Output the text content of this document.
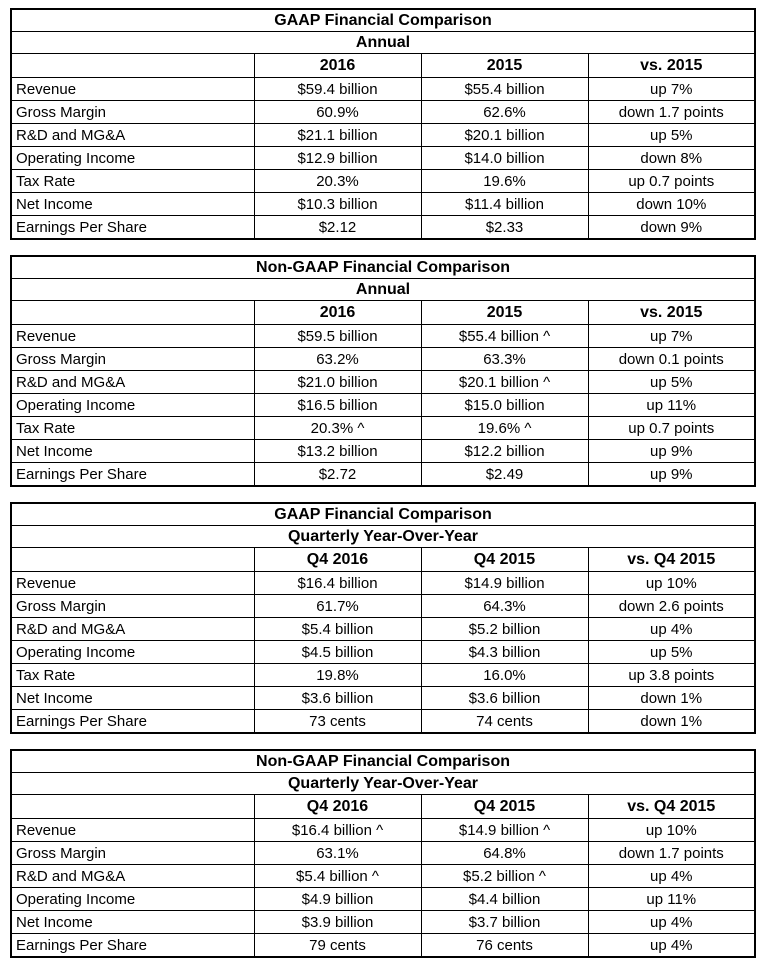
GAAP Financial Comparison			
Annual			
	2016	2015	vs. 2015
Revenue	$59.4 billion	$55.4 billion	up 7%
Gross Margin	60.9%	62.6%	down 1.7 points
R&D and MG&A	$21.1 billion	$20.1 billion	up 5%
Operating Income	$12.9 billion	$14.0 billion	down 8%
Tax Rate	20.3%	19.6%	up 0.7 points
Net Income	$10.3 billion	$11.4 billion	down 10%
Earnings Per Share	$2.12	$2.33	down 9%
Non-GAAP Financial Comparison			
Annual			
	2016	2015	vs. 2015
Revenue	$59.5 billion	$55.4 billion ^	up 7%
Gross Margin	63.2%	63.3%	down 0.1 points
R&D and MG&A	$21.0 billion	$20.1 billion ^	up 5%
Operating Income	$16.5 billion	$15.0 billion	up 11%
Tax Rate	20.3% ^	19.6% ^	up 0.7 points
Net Income	$13.2 billion	$12.2 billion	up 9%
Earnings Per Share	$2.72	$2.49	up 9%
GAAP Financial Comparison			
Quarterly Year-Over-Year			
	Q4 2016	Q4 2015	vs. Q4 2015
Revenue	$16.4 billion	$14.9 billion	up 10%
Gross Margin	61.7%	64.3%	down 2.6 points
R&D and MG&A	$5.4 billion	$5.2 billion	up 4%
Operating Income	$4.5 billion	$4.3 billion	up 5%
Tax Rate	19.8%	16.0%	up 3.8 points
Net Income	$3.6 billion	$3.6 billion	down 1%
Earnings Per Share	73 cents	74 cents	down 1%
Non-GAAP Financial Comparison			
Quarterly Year-Over-Year			
	Q4 2016	Q4 2015	vs. Q4 2015
Revenue	$16.4 billion ^	$14.9 billion ^	up 10%
Gross Margin	63.1%	64.8%	down 1.7 points
R&D and MG&A	$5.4 billion ^	$5.2 billion ^	up 4%
Operating Income	$4.9 billion	$4.4 billion	up 11%
Net Income	$3.9 billion	$3.7 billion	up 4%
Earnings Per Share	79 cents	76 cents	up 4%
